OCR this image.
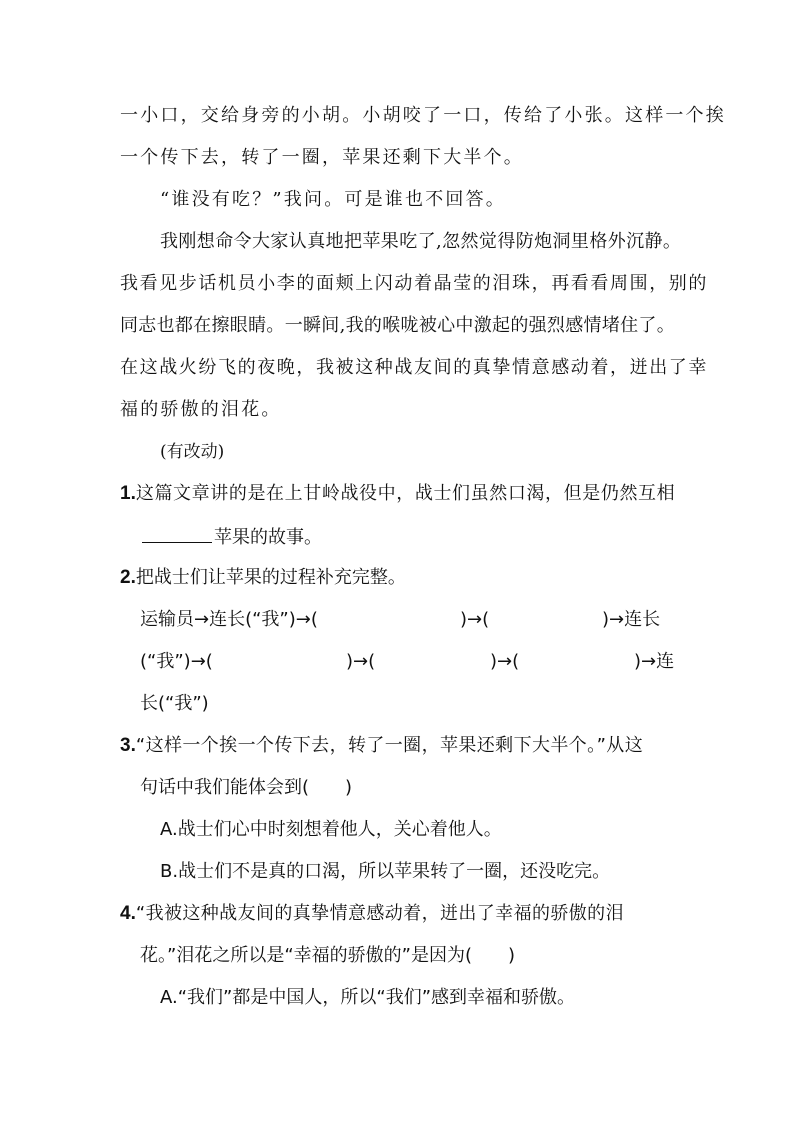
一小口，交给身旁的小胡。小胡咬了一口，传给了小张。这样一个挨
一个传下去，转了一圈，苹果还剩下大半个。
“谁没有吃？”我问。可是谁也不回答。
我刚想命令大家认真地把苹果吃了,忽然觉得防炮洞里格外沉静。
我看见步话机员小李的面颊上闪动着晶莹的泪珠，再看看周围，别的
同志也都在擦眼睛。一瞬间,我的喉咙被心中激起的强烈感情堵住了。
在这战火纷飞的夜晚，我被这种战友间的真挚情意感动着，迸出了幸
福的骄傲的泪花。
(有改动)
1.这篇文章讲的是在上甘岭战役中，战士们虽然口渴，但是仍然互相
苹果的故事。
2.把战士们让苹果的过程补充完整。
运输员→连长(“我”)→(	)→(	)→连长
(“我”)→(	)→(	)→(	)→连
长(“我”)
3.“这样一个挨一个传下去，转了一圈，苹果还剩下大半个。”从这
句话中我们能体会到(　　)
A.战士们心中时刻想着他人，关心着他人。
B.战士们不是真的口渴，所以苹果转了一圈，还没吃完。
4.“我被这种战友间的真挚情意感动着，迸出了幸福的骄傲的泪
花。”泪花之所以是“幸福的骄傲的”是因为(　　)
A.“我们”都是中国人，所以“我们”感到幸福和骄傲。
